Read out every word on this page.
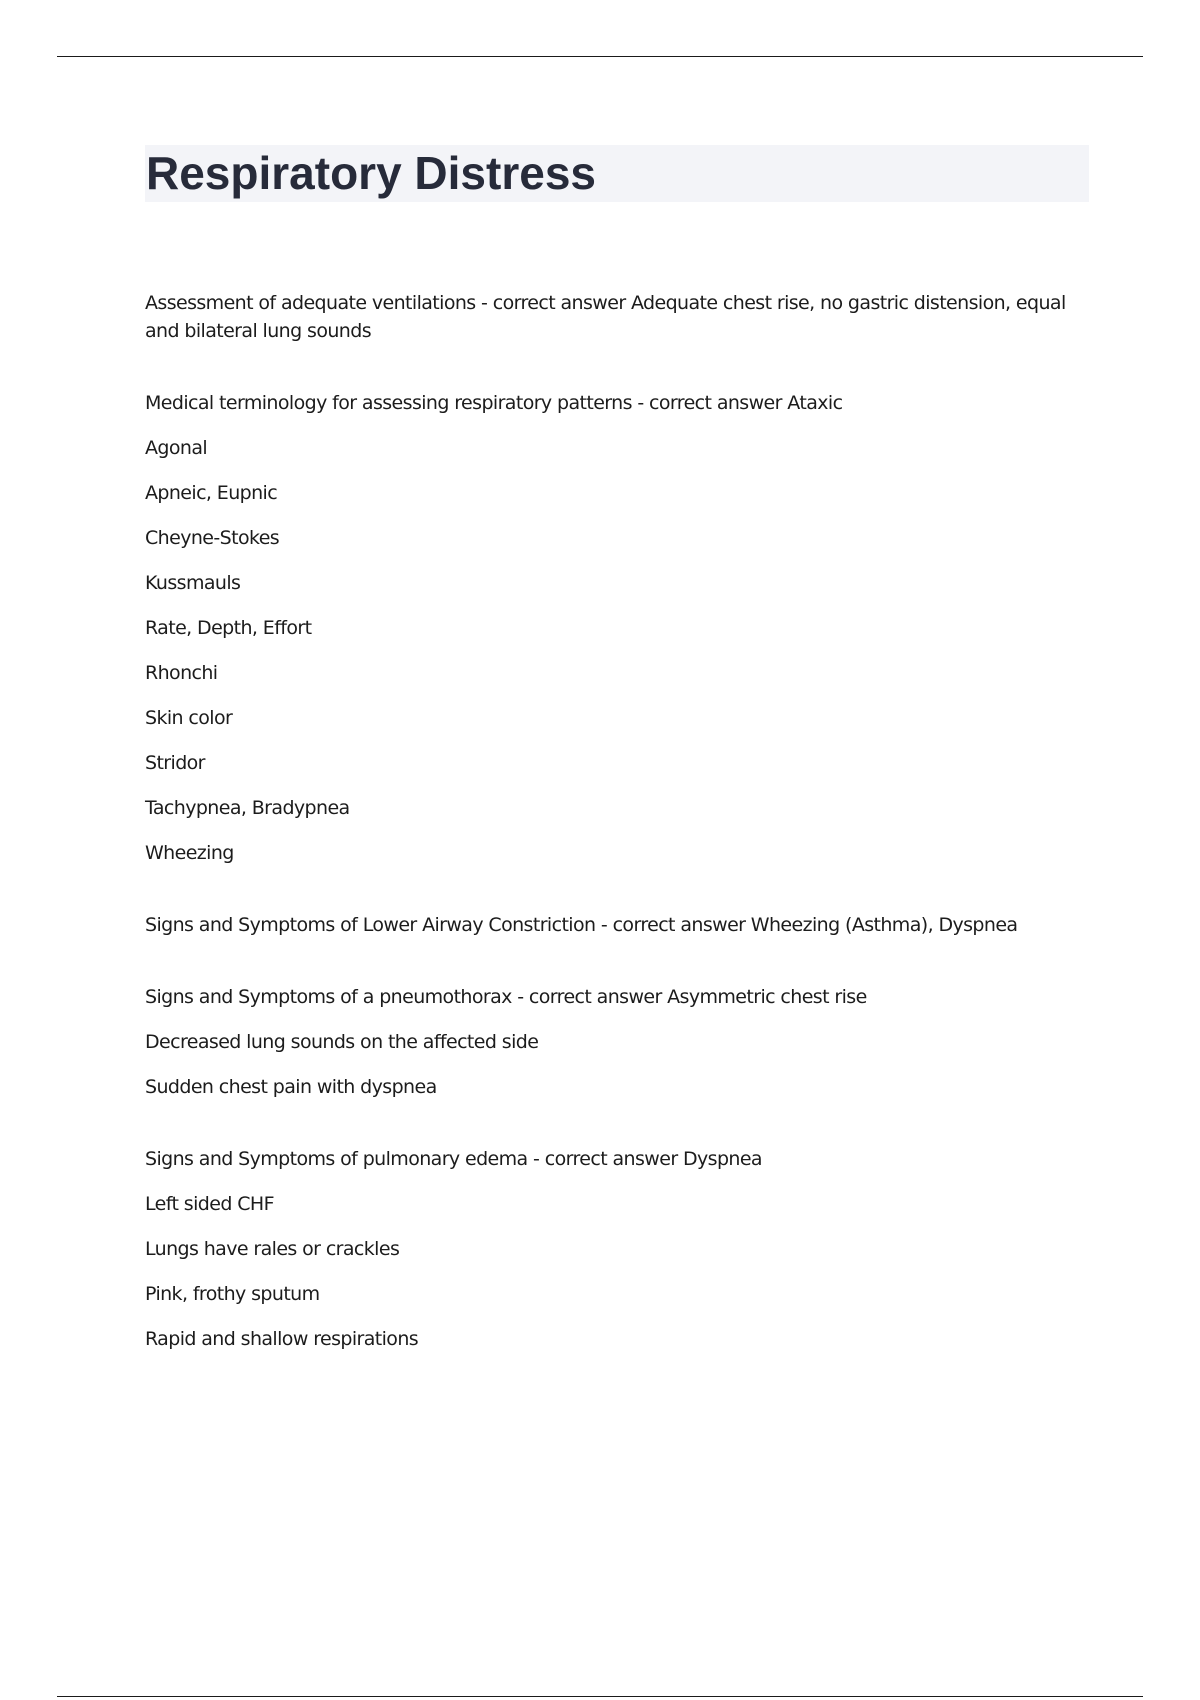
Respiratory Distress

Assessment of adequate ventilations - correct answer Adequate chest rise, no gastric distension, equal and bilateral lung sounds

Medical terminology for assessing respiratory patterns - correct answer Ataxic

Agonal

Apneic, Eupnic

Cheyne-Stokes

Kussmauls

Rate, Depth, Effort

Rhonchi

Skin color

Stridor

Tachypnea, Bradypnea

Wheezing

Signs and Symptoms of Lower Airway Constriction - correct answer Wheezing (Asthma), Dyspnea

Signs and Symptoms of a pneumothorax - correct answer Asymmetric chest rise

Decreased lung sounds on the affected side

Sudden chest pain with dyspnea

Signs and Symptoms of pulmonary edema - correct answer Dyspnea

Left sided CHF

Lungs have rales or crackles

Pink, frothy sputum

Rapid and shallow respirations
